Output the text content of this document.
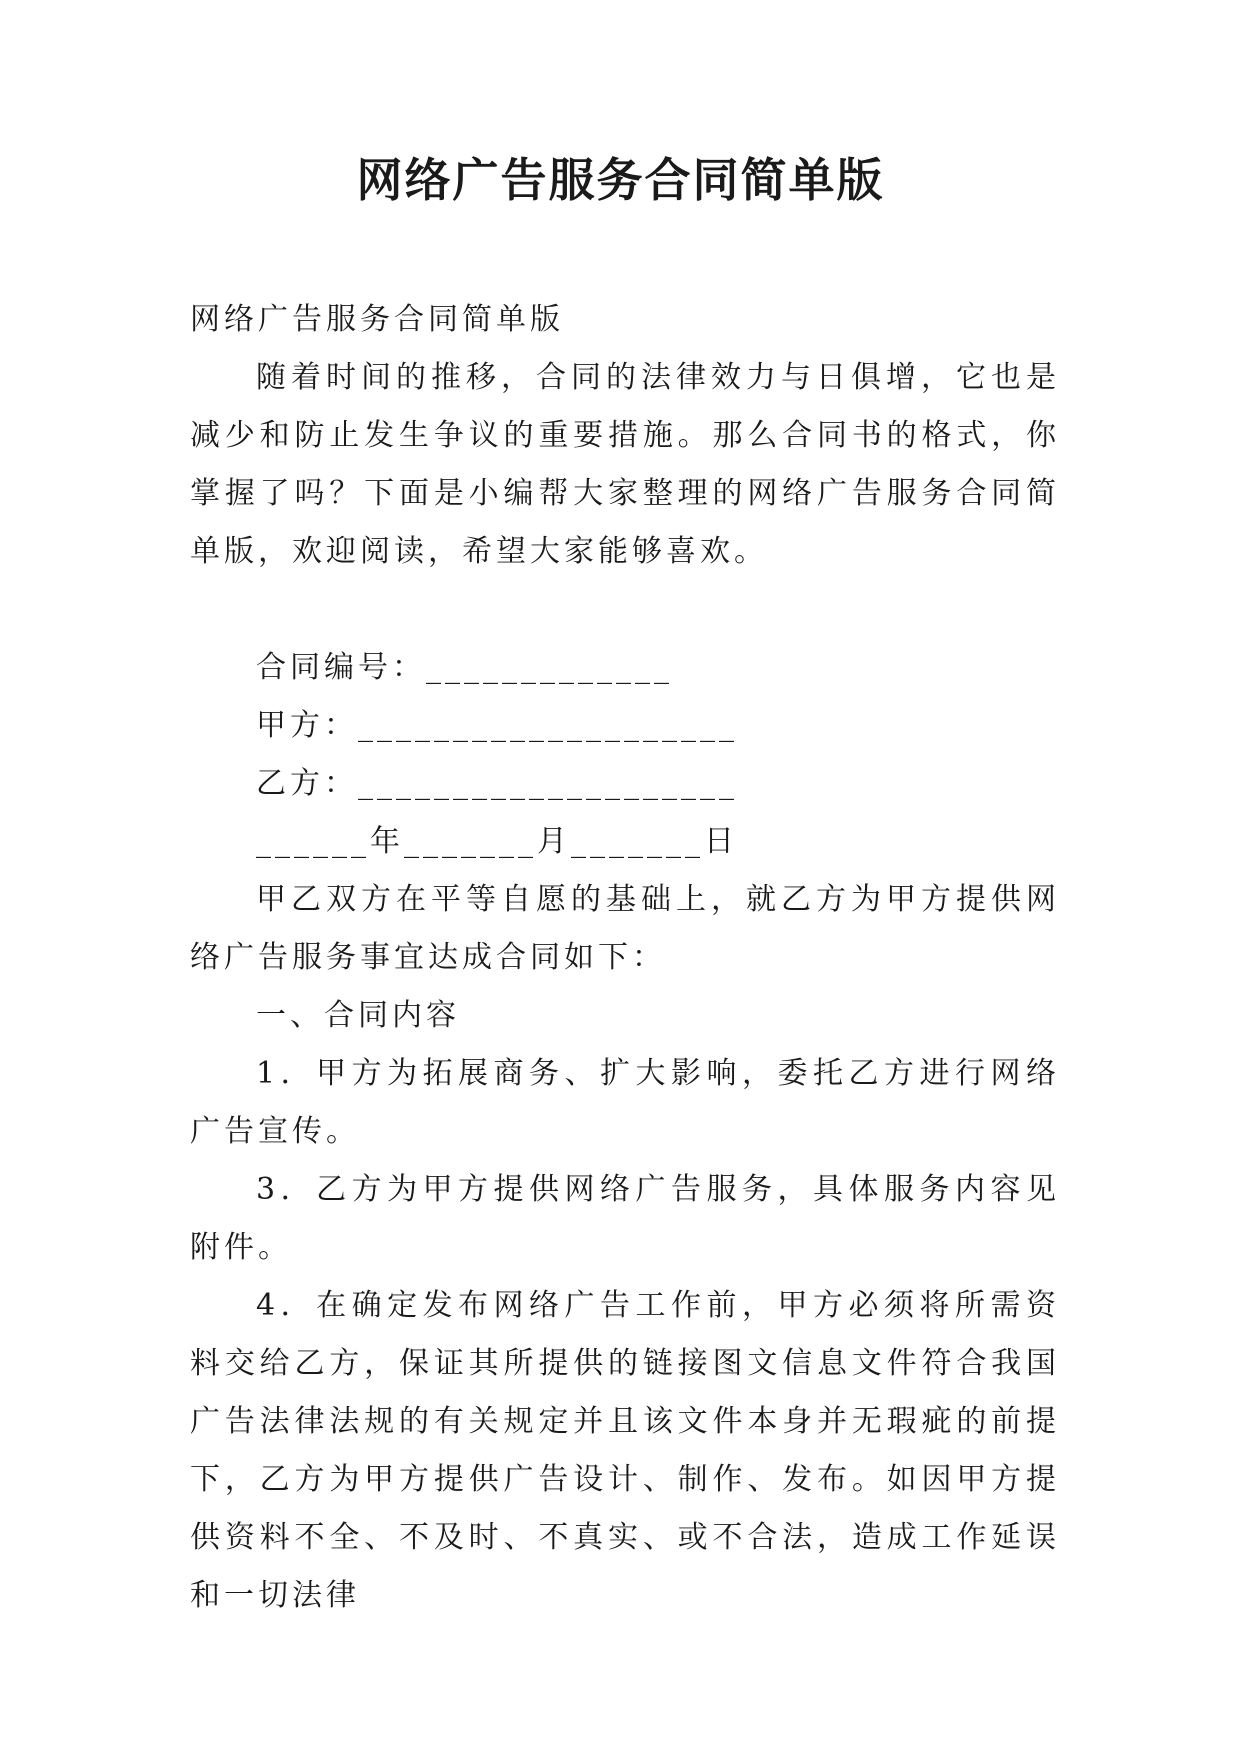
网络广告服务合同简单版

网络广告服务合同简单版

随着时间的推移，合同的法律效力与日俱增，它也是减少和防止发生争议的重要措施。那么合同书的格式，你掌握了吗？下面是小编帮大家整理的网络广告服务合同简单版，欢迎阅读，希望大家能够喜欢。

合同编号：_____________

甲方：____________________

乙方：____________________

______年_______月_______日

甲乙双方在平等自愿的基础上，就乙方为甲方提供网络广告服务事宜达成合同如下：

一、合同内容

1．甲方为拓展商务、扩大影响，委托乙方进行网络广告宣传。

3．乙方为甲方提供网络广告服务，具体服务内容见附件。

4．在确定发布网络广告工作前，甲方必须将所需资料交给乙方，保证其所提供的链接图文信息文件符合我国广告法律法规的有关规定并且该文件本身并无瑕疵的前提下，乙方为甲方提供广告设计、制作、发布。如因甲方提供资料不全、不及时、不真实、或不合法，造成工作延误和一切法律
